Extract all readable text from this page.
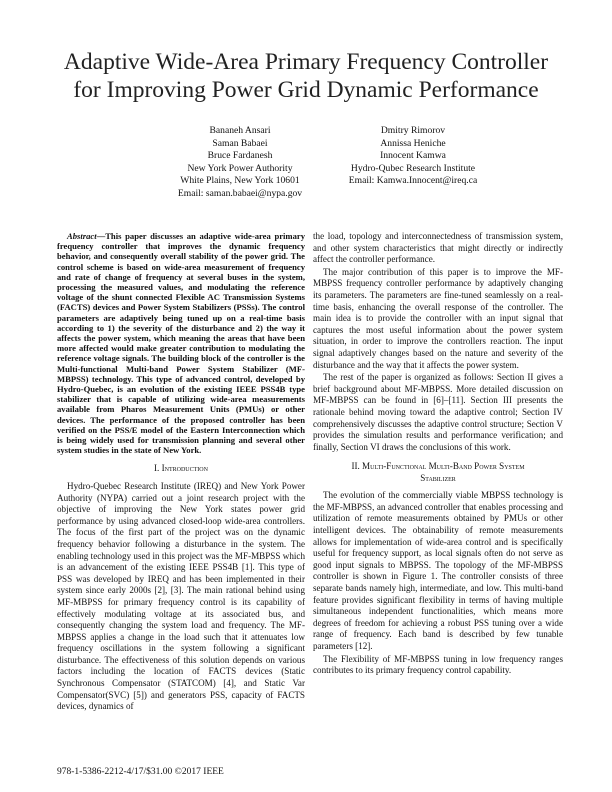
Adaptive Wide-Area Primary Frequency Controller
for Improving Power Grid Dynamic Performance
Bananeh Ansari
Saman Babaei
Bruce Fardanesh
New York Power Authority
White Plains, New York 10601
Email: saman.babaei@nypa.gov
Dmitry Rimorov
Annissa Heniche
Innocent Kamwa
Hydro-Qubec Research Institute
Email: Kamwa.Innocent@ireq.ca

Abstract—This paper discusses an adaptive wide-area primary frequency controller that improves the dynamic frequency behavior, and consequently overall stability of the power grid. The control scheme is based on wide-area measurement of frequency and rate of change of frequency at several buses in the system, processing the measured values, and modulating the reference voltage of the shunt connected Flexible AC Transmission Systems (FACTS) devices and Power System Stabilizers (PSSs). The control parameters are adaptively being tuned up on a real-time basis according to 1) the severity of the disturbance and 2) the way it affects the power system, which meaning the areas that have been more affected would make greater contribution to modulating the reference voltage signals. The building block of the controller is the Multi-functional Multi-band Power System Stabilizer (MF-MBPSS) technology. This type of advanced control, developed by Hydro-Quebec, is an evolution of the existing IEEE PSS4B type stabilizer that is capable of utilizing wide-area measurements available from Pharos Measurement Units (PMUs) or other devices. The performance of the proposed controller has been verified on the PSS/E model of the Eastern Interconnection which is being widely used for transmission planning and several other system studies in the state of New York.

I. Introduction

Hydro-Quebec Research Institute (IREQ) and New York Power Authority (NYPA) carried out a joint research project with the objective of improving the New York states power grid performance by using advanced closed-loop wide-area controllers. The focus of the first part of the project was on the dynamic frequency behavior following a disturbance in the system. The enabling technology used in this project was the MF-MBPSS which is an advancement of the existing IEEE PSS4B [1]. This type of PSS was developed by IREQ and has been implemented in their system since early 2000s [2], [3]. The main rational behind using MF-MBPSS for primary frequency control is its capability of effectively modulating voltage at its associated bus, and consequently changing the system load and frequency. The MF-MBPSS applies a change in the load such that it attenuates low frequency oscillations in the system following a significant disturbance. The effectiveness of this solution depends on various factors including the location of FACTS devices (Static Synchronous Compensator (STATCOM) [4], and Static Var Compensator(SVC) [5]) and generators PSS, capacity of FACTS devices, dynamics of

the load, topology and interconnectedness of transmission system, and other system characteristics that might directly or indirectly affect the controller performance.

The major contribution of this paper is to improve the MF-MBPSS frequency controller performance by adaptively changing its parameters. The parameters are fine-tuned seamlessly on a real-time basis, enhancing the overall response of the controller. The main idea is to provide the controller with an input signal that captures the most useful information about the power system situation, in order to improve the controllers reaction. The input signal adaptively changes based on the nature and severity of the disturbance and the way that it affects the power system.

The rest of the paper is organized as follows: Section II gives a brief background about MF-MBPSS. More detailed discussion on MF-MBPSS can be found in [6]–[11]. Section III presents the rationale behind moving toward the adaptive control; Section IV comprehensively discusses the adaptive control structure; Section V provides the simulation results and performance verification; and finally, Section VI draws the conclusions of this work.

II. Multi-Functional Multi-Band Power System
Stabilizer

The evolution of the commercially viable MBPSS technology is the MF-MBPSS, an advanced controller that enables processing and utilization of remote measurements obtained by PMUs or other intelligent devices. The obtainability of remote measurements allows for implementation of wide-area control and is specifically useful for frequency support, as local signals often do not serve as good input signals to MBPSS. The topology of the MF-MBPSS controller is shown in Figure 1. The controller consists of three separate bands namely high, intermediate, and low. This multi-band feature provides significant flexibility in terms of having multiple simultaneous independent functionalities, which means more degrees of freedom for achieving a robust PSS tuning over a wide range of frequency. Each band is described by few tunable parameters [12].

The Flexibility of MF-MBPSS tuning in low frequency ranges contributes to its primary frequency control capability.

978-1-5386-2212-4/17/$31.00 ©2017 IEEE
